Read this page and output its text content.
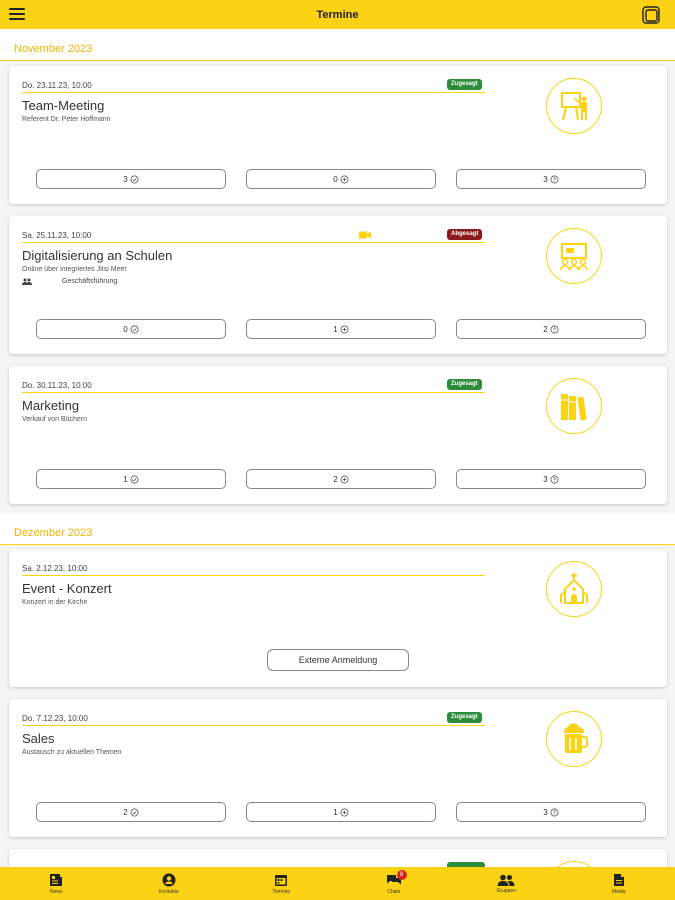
Termine
November 2023
Do. 23.11.23, 10:00	Zugesagt
Team-Meeting
Referent Dr. Peter Hoffmann
3	0	3
Sa. 25.11.23, 10:00	Abgesagt
Digitalisierung an Schulen
Online über integriertes Jitsi Meet
Geschäftsführung
0	1	2
Do. 30.11.23, 10:00	Zugesagt
Marketing
Verkauf von Büchern
1	2	3
Dezember 2023
Sa. 2.12.23, 10:00
Event - Konzert
Konzert in der Kirche
Externe Anmeldung
Do. 7.12.23, 10:00	Zugesagt
Sales
Austausch zu aktuellen Themen
2	1	3
News	Kontakte	Termine
8
Chats	Gruppen	Media
